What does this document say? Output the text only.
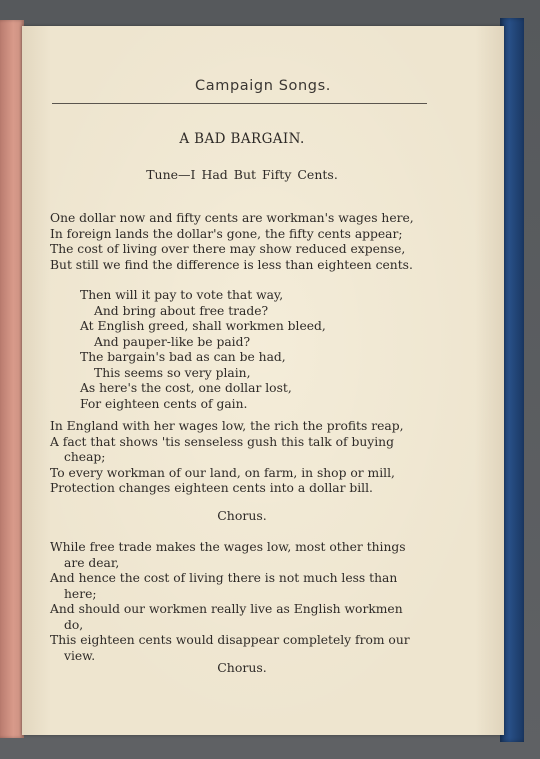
Campaign Songs.
A BAD BARGAIN.
Tune—I Had But Fifty Cents.
One dollar now and fifty cents are workman's wages here,
In foreign lands the dollar's gone, the fifty cents appear;
The cost of living over there may show reduced expense,
But still we find the difference is less than eighteen cents.
Then will it pay to vote that way,
And bring about free trade?
At English greed, shall workmen bleed,
And pauper-like be paid?
The bargain's bad as can be had,
This seems so very plain,
As here's the cost, one dollar lost,
For eighteen cents of gain.
In England with her wages low, the rich the profits reap,
A fact that shows 'tis senseless gush this talk of buying
cheap;
To every workman of our land, on farm, in shop or mill,
Protection changes eighteen cents into a dollar bill.
Chorus.
While free trade makes the wages low, most other things
are dear,
And hence the cost of living there is not much less than
here;
And should our workmen really live as English workmen
do,
This eighteen cents would disappear completely from our
view.
Chorus.
